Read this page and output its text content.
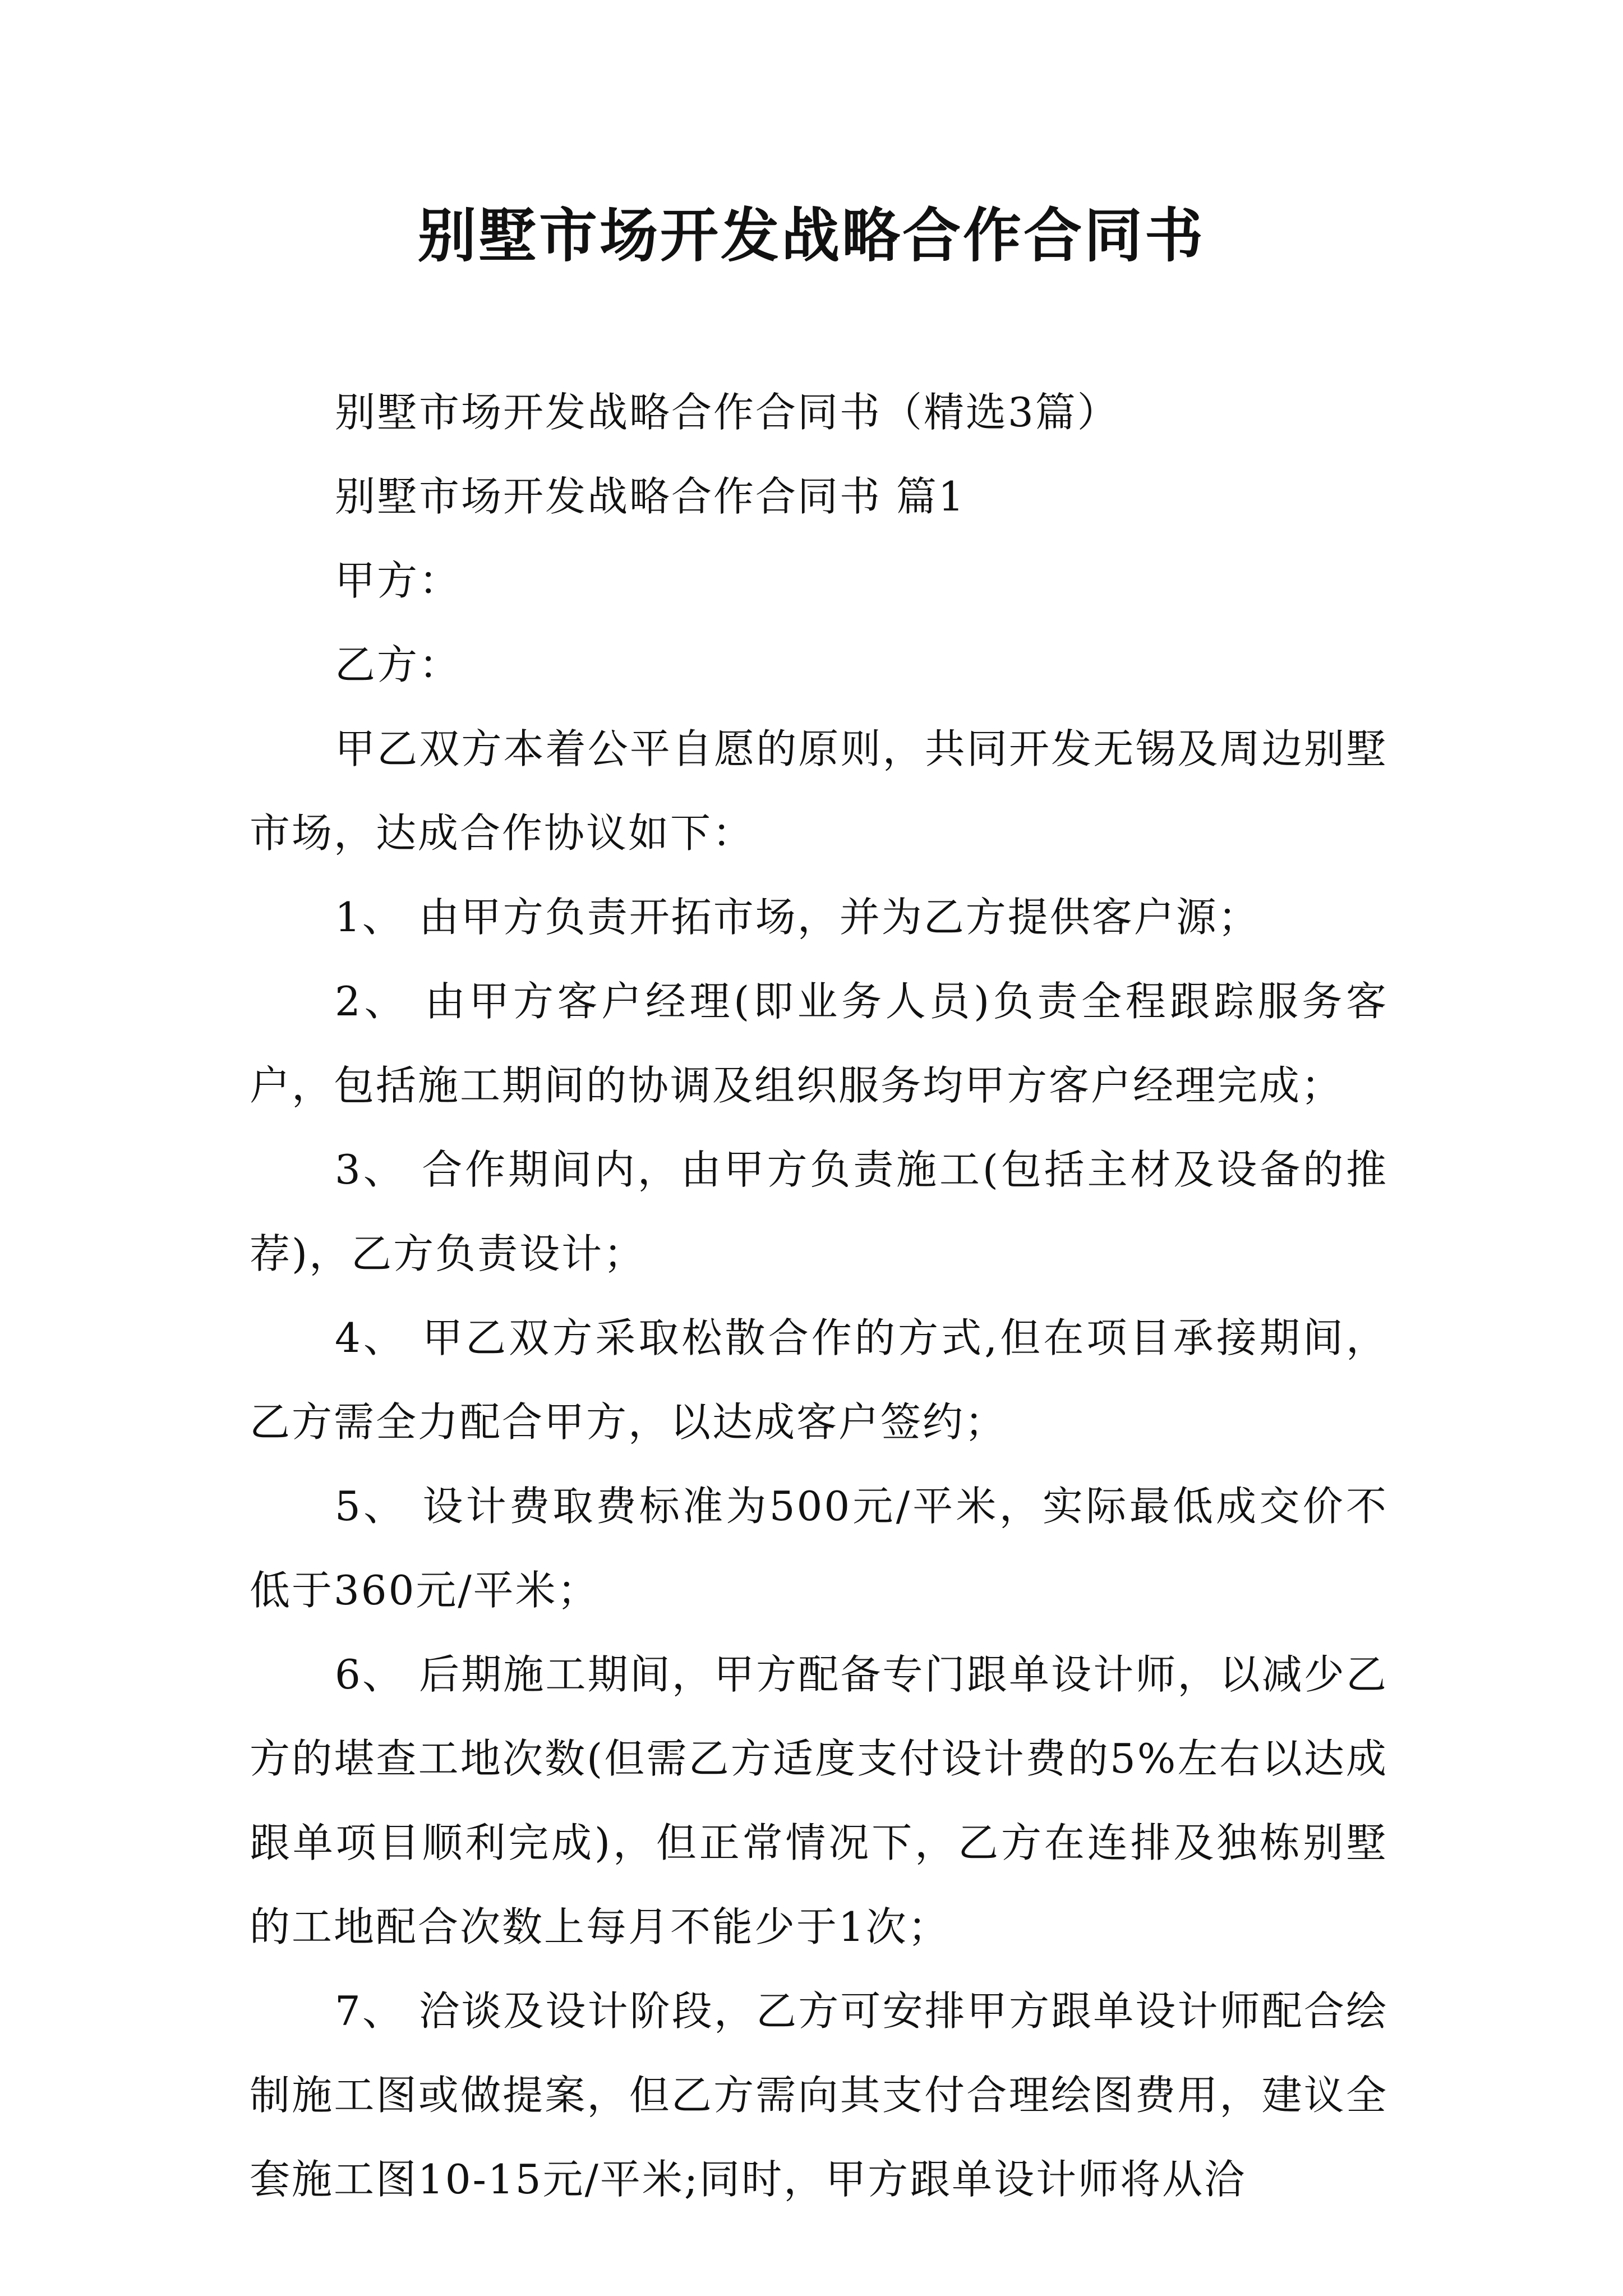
别墅市场开发战略合作合同书

别墅市场开发战略合作合同书（精选3篇）

别墅市场开发战略合作合同书 篇1

甲方：

乙方：

甲乙双方本着公平自愿的原则，共同开发无锡及周边别墅市场，达成合作协议如下：

1、 由甲方负责开拓市场，并为乙方提供客户源；

2、 由甲方客户经理(即业务人员)负责全程跟踪服务客户，包括施工期间的协调及组织服务均甲方客户经理完成；

3、 合作期间内，由甲方负责施工(包括主材及设备的推荐)，乙方负责设计；

4、 甲乙双方采取松散合作的方式,但在项目承接期间，乙方需全力配合甲方，以达成客户签约；

5、 设计费取费标准为500元/平米，实际最低成交价不低于360元/平米；

6、 后期施工期间，甲方配备专门跟单设计师，以减少乙方的堪查工地次数(但需乙方适度支付设计费的5%左右以达成跟单项目顺利完成)，但正常情况下，乙方在连排及独栋别墅的工地配合次数上每月不能少于1次；

7、 洽谈及设计阶段，乙方可安排甲方跟单设计师配合绘制施工图或做提案，但乙方需向其支付合理绘图费用，建议全套施工图10-15元/平米;同时，甲方跟单设计师将从洽
